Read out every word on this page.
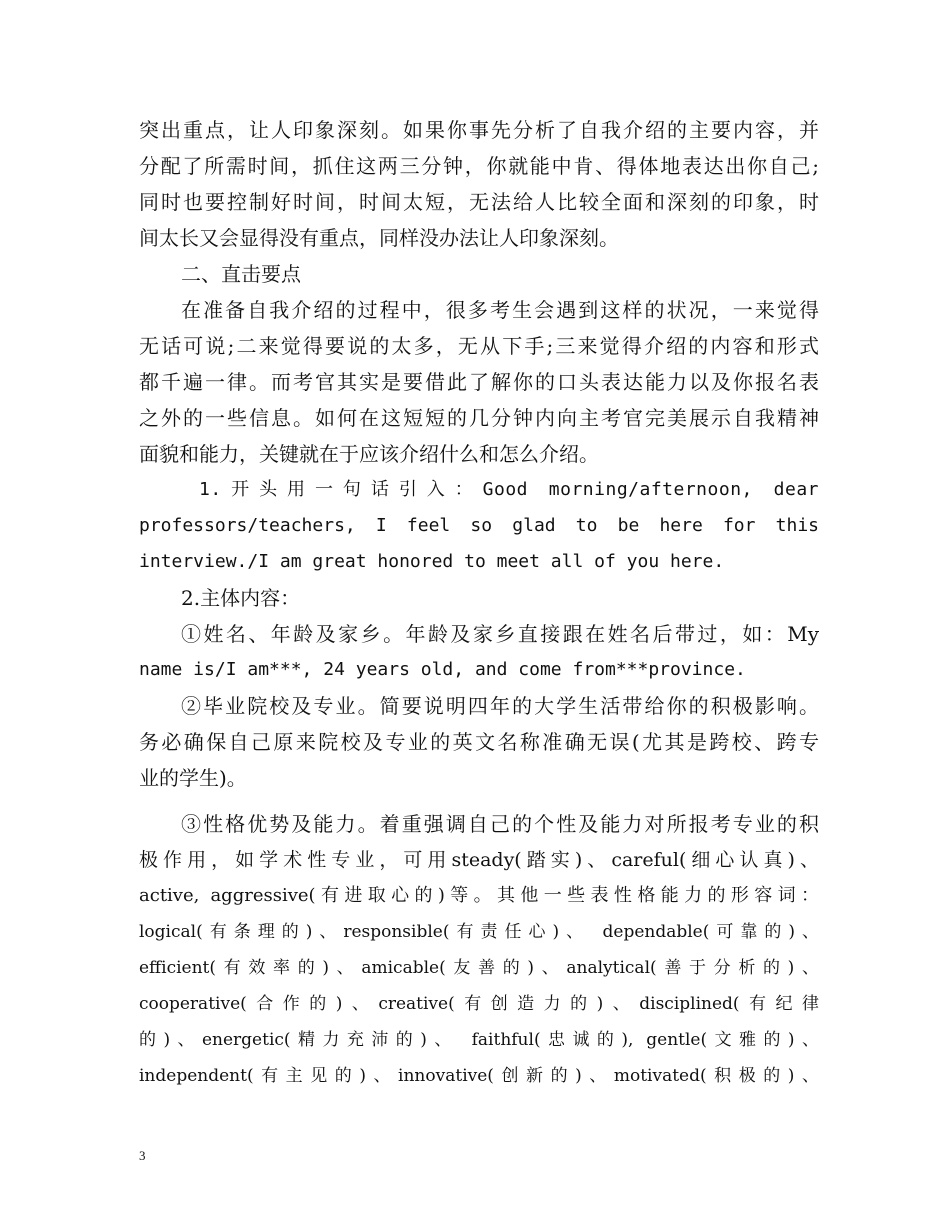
突出重点，让人印象深刻。如果你事先分析了自我介绍的主要内容，并
分配了所需时间，抓住这两三分钟，你就能中肯、得体地表达出你自己;
同时也要控制好时间，时间太短，无法给人比较全面和深刻的印象，时
间太长又会显得没有重点，同样没办法让人印象深刻。
二、直击要点
在准备自我介绍的过程中，很多考生会遇到这样的状况，一来觉得
无话可说;二来觉得要说的太多，无从下手;三来觉得介绍的内容和形式
都千遍一律。而考官其实是要借此了解你的口头表达能力以及你报名表
之外的一些信息。如何在这短短的几分钟内向主考官完美展示自我精神
面貌和能力，关键就在于应该介绍什么和怎么介绍。
1.开头用一句话引入：Good morning/afternoon, dear
professors/teachers, I feel so glad to be here for this
interview./I am great honored to meet all of you here.
2.主体内容：
①姓名、年龄及家乡。年龄及家乡直接跟在姓名后带过，如：My
name is/I am***, 24 years old, and come from***province.
②毕业院校及专业。简要说明四年的大学生活带给你的积极影响。
务必确保自己原来院校及专业的英文名称准确无误(尤其是跨校、跨专
业的学生)。
③性格优势及能力。着重强调自己的个性及能力对所报考专业的积
极作用，如学术性专业，可用steady(踏实)、careful(细心认真)、
active, aggressive(有进取心的)等。其他一些表性格能力的形容词：
logical(有条理的)、responsible(有责任心)、 dependable(可靠的)、
efficient(有效率的)、amicable(友善的)、analytical(善于分析的)、
cooperative(合作的)、creative(有创造力的)、disciplined(有纪律
的)、energetic(精力充沛的)、 faithful(忠诚的), gentle(文雅的)、
independent(有主见的)、innovative(创新的)、motivated(积极的)、
3
